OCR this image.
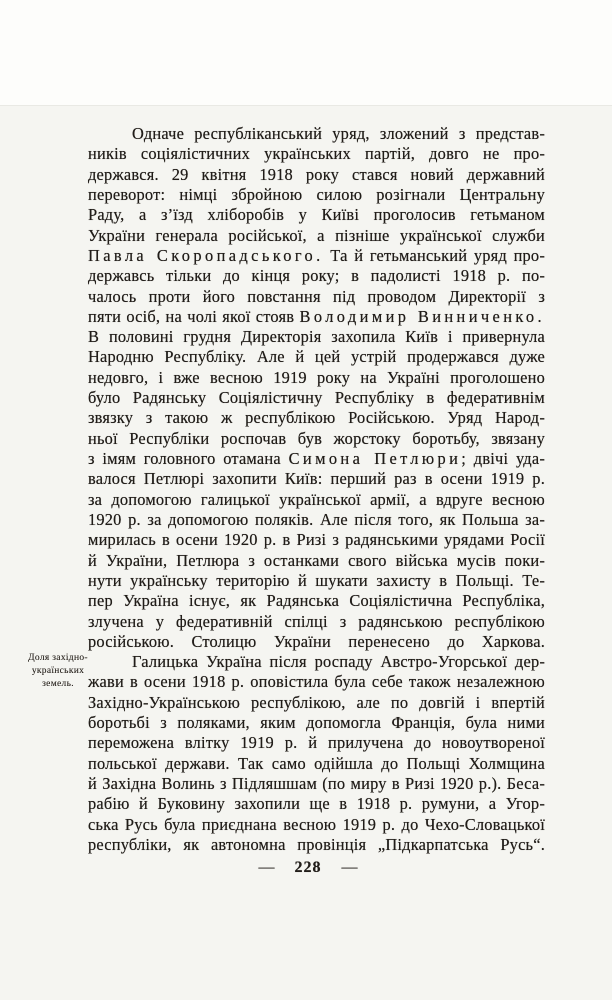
Доля західно-
українських
земель.
Одначе республіканський уряд, зложений з представ-
ників соціялістичних українських партій, довго не про-
держався. 29 квітня 1918 року стався новий державний
переворот: німці збройною силою розігнали Центральну
Раду, а з’їзд хліборобів у Київі проголосив гетьманом
України генерала російської, а пізніше української служби
Павла Скоропадського. Та й гетьманський уряд про-
державсь тільки до кінця року; в падолисті 1918 р. по-
чалось проти його повстання під проводом Директорії з
пяти осіб, на чолі якої стояв Володимир Винниченко.
В половині грудня Директорія захопила Київ і привернула
Народню Республіку. Але й цей устрій продержався дуже
недовго, і вже весною 1919 року на Україні проголошено
було Радянську Соціялістичну Республіку в федеративнім
звязку з такою ж республікою Російською. Уряд Народ-
ньої Республіки роспочав був жорстоку боротьбу, звязану
з імям головного отамана Симона Петлюри; двічі уда-
валося Петлюрі захопити Київ: перший раз в осени 1919 р.
за допомогою галицької української армії, а вдруге весною
1920 р. за допомогою поляків. Але після того, як Польша за-
мирилась в осени 1920 р. в Ризі з радянськими урядами Росії
й України, Петлюра з останками свого війська мусів поки-
нути українську територію й шукати захисту в Польщі. Те-
пер Україна існує, як Радянська Соціялістична Республіка,
злучена у федеративній спілці з радянською республікою
російською. Столицю України перенесено до Харкова.
Галицька Україна після роспаду Австро-Угорської дер-
жави в осени 1918 р. оповістила була себе також незалежною
Західно-Українською республікою, але по довгій і впертій
боротьбі з поляками, яким допомогла Франція, була ними
переможена влітку 1919 р. й прилучена до новоутвореної
польської держави. Так само одійшла до Польщі Холмщина
й Західна Волинь з Підляшшам (по миру в Ризі 1920 р.). Беса-
рабію й Буковину захопили ще в 1918 р. румуни, а Угор-
ська Русь була приєднана весною 1919 р. до Чехо-Словацької
республіки, як автономна провінція „Підкарпатська Русь“.
— 228 —
